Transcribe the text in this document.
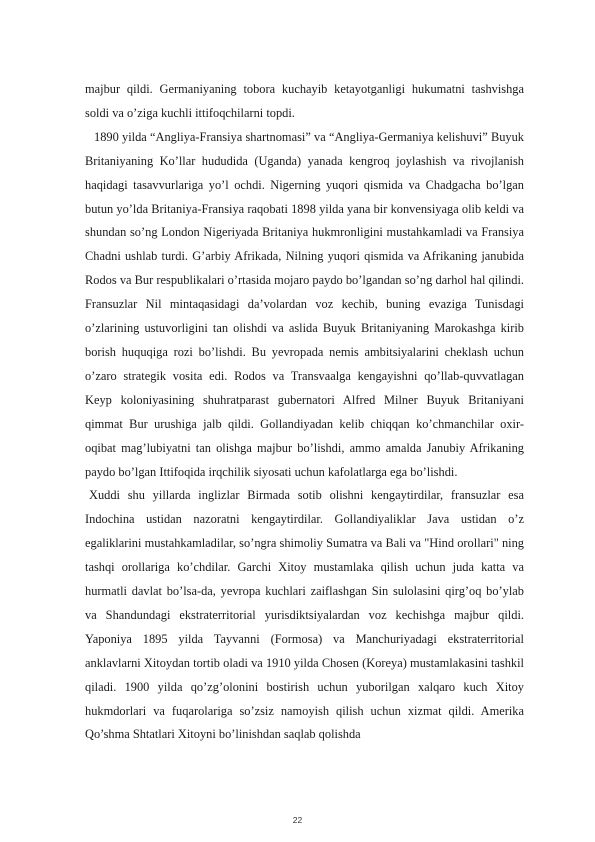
majbur qildi. Germaniyaning tobora kuchayib ketayotganligi hukumatni tashvishga soldi va o’ziga kuchli ittifoqchilarni topdi.

1890 yilda “Angliya-Fransiya shartnomasi” va “Angliya-Germaniya kelishuvi” Buyuk Britaniyaning Ko’llar hududida (Uganda) yanada kengroq joylashish va rivojlanish haqidagi tasavvurlariga yo’l ochdi. Nigerning yuqori qismida va Chadgacha bo’lgan butun yo’lda Britaniya-Fransiya raqobati 1898 yilda yana bir konvensiyaga olib keldi va shundan so’ng London Nigeriyada Britaniya hukmronligini mustahkamladi va Fransiya Chadni ushlab turdi. G’arbiy Afrikada, Nilning yuqori qismida va Afrikaning janubida Rodos va Bur respublikalari o’rtasida mojaro paydo bo’lgandan so’ng darhol hal qilindi. Fransuzlar Nil mintaqasidagi da’volardan voz kechib, buning evaziga Tunisdagi o’zlarining ustuvorligini tan olishdi va aslida Buyuk Britaniyaning Marokashga kirib borish huquqiga rozi bo’lishdi. Bu yevropada nemis ambitsiyalarini cheklash uchun o’zaro strategik vosita edi. Rodos va Transvaalga kengayishni qo’llab-quvvatlagan Keyp koloniyasining shuhratparast gubernatori Alfred Milner Buyuk Britaniyani qimmat Bur urushiga jalb qildi. Gollandiyadan kelib chiqqan ko’chmanchilar oxir-oqibat mag’lubiyatni tan olishga majbur bo’lishdi, ammo amalda Janubiy Afrikaning paydo bo’lgan Ittifoqida irqchilik siyosati uchun kafolatlarga ega bo’lishdi.

Xuddi shu yillarda inglizlar Birmada sotib olishni kengaytirdilar, fransuzlar esa Indochina ustidan nazoratni kengaytirdilar. Gollandiyaliklar Java ustidan o’z egaliklarini mustahkamladilar, so’ngra shimoliy Sumatra va Bali va "Hind orollari" ning tashqi orollariga ko’chdilar. Garchi Xitoy mustamlaka qilish uchun juda katta va hurmatli davlat bo’lsa-da, yevropa kuchlari zaiflashgan Sin sulolasini qirg’oq bo’ylab va Shandundagi ekstraterritorial yurisdiktsiyalardan voz kechishga majbur qildi. Yaponiya 1895 yilda Tayvanni (Formosa) va Manchuriyadagi ekstraterritorial anklavlarni Xitoydan tortib oladi va 1910 yilda Chosen (Koreya) mustamlakasini tashkil qiladi. 1900 yilda qo’zg’olonini bostirish uchun yuborilgan xalqaro kuch Xitoy hukmdorlari va fuqarolariga so’zsiz namoyish qilish uchun xizmat qildi. Amerika Qo’shma Shtatlari Xitoyni bo’linishdan saqlab qolishda

22
